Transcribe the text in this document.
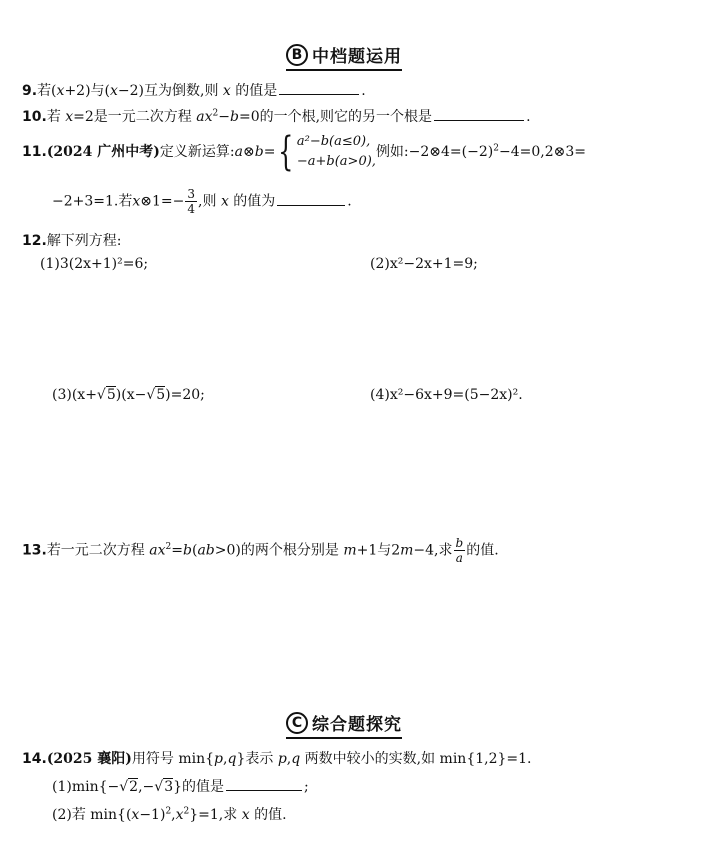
B 中档题运用
9.若(x+2)与(x−2)互为倒数,则 x 的值是	.
10.若 x=2是一元二次方程 $ax^2-b=0$的一个根,则它的另一个根是	.
11.(2024 广州中考)定义新运算:a⊗b= { a²−b(a≤0),
−a+b(a>0),
例如$:-2\otimes 4=(-2)^2-4=0,2\otimes 3=$
−2+3=1.若x⊗1=− $\frac{3}{4}$ ,则 x 的值为	.
12.解下列方程:
(1)3(2x+1)²=6;	(2)x²−2x+1=9;
(3)(x+√5)(x−√5)=20;	(4)x²−6x+9=(5−2x)².
13.若一元二次方程 $ax^2=b(ab>0)$的两个根分别是 m+1与2m−4,求 $\frac{b}{a}$ 的值.
C 综合题探究
14.(2025 襄阳)用符号 min{p,q}表示 p,q 两数中较小的实数,如 min{1,2}=1.
(1)min{−√2,−√3}的值是	;
(2)若 $\min\{(x-1)^2,x^2\}=1$,求 x 的值.
